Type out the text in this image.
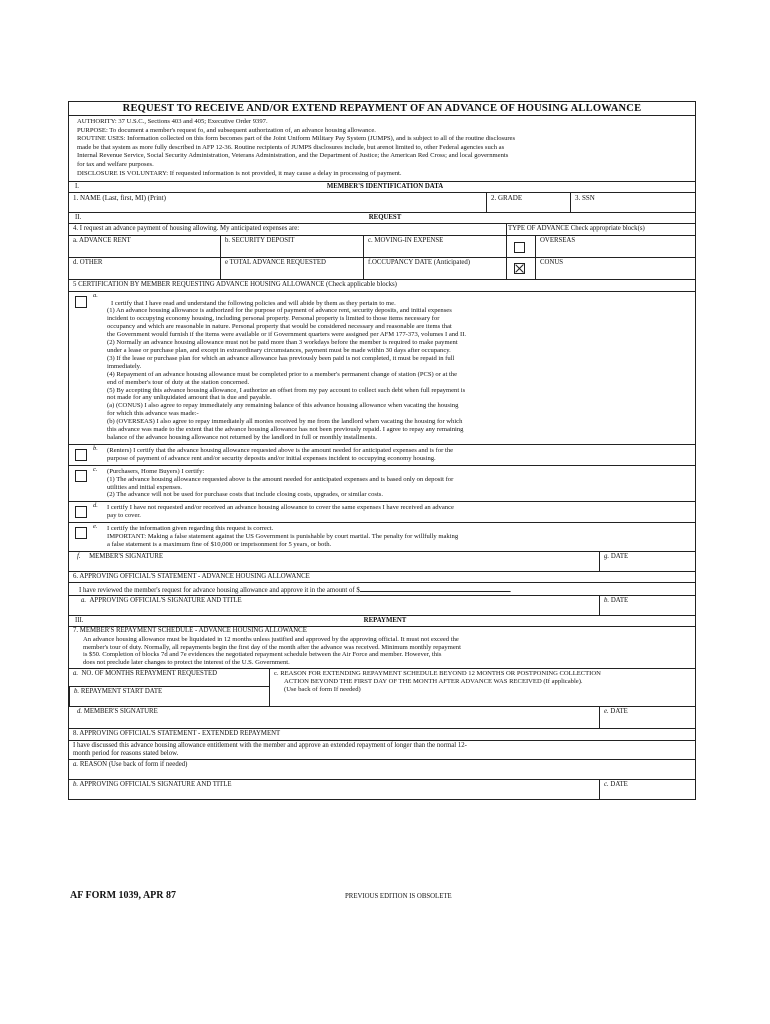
REQUEST TO RECEIVE AND/OR EXTEND REPAYMENT OF AN ADVANCE OF HOUSING ALLOWANCE
AUTHORITY: 37 U.S.C., Sections 403 and 405; Executive Order 9397.
PURPOSE: To document a member's request fo, and subsequent authorization of, an advance housing allowance.
ROUTINE USES: Information collected on this form becomes part of the Joint Uniform Military Pay System (JUMPS), and is subject to all of the routine disclosures
made be that system as more fully described in AFP 12-36. Routine recipients of JUMPS disclosures include, but arenot limited to, other Federal agencies such as
Internal Revenue Service, Social Security Administration, Veterans Administration, and the Department of Justice; the American Red Cross; and local governments
for tax and welfare purposes.
DISCLOSURE IS VOLUNTARY: If requested information is not provided, it may cause a delay in processing of payment.
I.	MEMBER'S IDENTIFICATION DATA
1. NAME (Last, first, MI) (Print)	2. GRADE	3. SSN
II.	REQUEST
4. I request an advance payment of housing allowing. My anticipated expenses are:	TYPE OF ADVANCE Check appropriate block(s)
a. ADVANCE RENT	b. SECURITY DEPOSIT	c. MOVING-IN EXPENSE	OVERSEAS
d. OTHER	e TOTAL ADVANCE REQUESTED	f.OCCUPANCY DATE (Anticipated)	CONUS
5 CERTIFICATION BY MEMBER REQUESTING ADVANCE HOUSING ALLOWANCE (Check applicable blocks)
a.
I certify that I have read and understand the following policies and will abide by them as they pertain to me.
(1) An advance housing allowance is authorized for the purpose of payment of advance rent, security deposits, and initial expenses
incident to occupying economy housing, including personal property. Personal property is limited to those items necessary for
occupancy and which are reasonable in nature. Personal property that would be considered necessary and reasonable are items that
the Government would furnish if the items were available or if Government quarters were assigned per AFM 177-373, volumes I and II.
(2) Normally an advance housing allowance must not be paid more than 3 workdays before the member is required to make payment
under a lease or purchase plan, and except in extraordinary circumstances, payment must be made within 30 days after occupancy.
(3) If the lease or purchase plan for which an advance allowance has previously been paid is not completed, it must be repaid in full
immediately.
(4) Repayment of an advance housing allowance must be completed prior to a member's permanent change of station (PCS) or at the
end of member's tour of duty at the station concerned.
(5) By accepting this advance housing allowance, I authorize an offset from my pay account to collect such debt when full repayment is
not made for any unliquidated amount that is due and payable.
(a) (CONUS) I also agree to repay immediately any remaining balance of this advance housing allowance when vacating the housing
for which this advance was made:-
(b) (OVERSEAS) I also agree to repay immediately all monies received by me from the landlord when vacating the housing for which
this advance was made to the extent that the advance housing allowance has not been previously repaid. I agree to repay any remaining
balance of the advance housing allowance not returned by the landlord in full or monthly installments.
b. (Renters) I certify that the advance housing allowance requested above is the amount needed for anticipated expenses and is for the
purpose of payment of advance rent and/or security deposits and/or initial expenses incident to occupying economy housing.
c. (Purchasers, Home Buyers) I certify:
(1) The advance housing allowance requested above is the amount needed for anticipated expenses and is based only on deposit for
utilities and initial expenses.
(2) The advance will not be used for purchase costs that include closing costs, upgrades, or similar costs.
d. I certify I have not requested and/or received an advance housing allowance to cover the same expenses I have received an advance
pay to cover.
e. I certify the information given regarding this request is correct.
IMPORTANT: Making a false statement against the US Government is punishable by court martial. The penalty for willfully making
a false statement is a maximum fine of $10,000 or imprisonment for 5 years, or both.
f. MEMBER'S SIGNATURE	g. DATE
6. APPROVING OFFICIAL'S STATEMENT - ADVANCE HOUSING ALLOWANCE
I have reviewed the member's request for advance housing allowance and approve it in the amount of $	.
a. APPROVING OFFICIAL'S SIGNATURE AND TITLE	b. DATE
III.	REPAYMENT
7. MEMBER'S REPAYMENT SCHEDULE - ADVANCE HOUSING ALLOWANCE
An advance housing allowance must be liquidated in 12 months unless justified and approved by the approving official. It must not exceed the
member's tour of duty. Normally, all repayments begin the first day of the month after the advance was received. Minimum monthly repayment
is $50. Completion of blocks 7d and 7e evidences the negotiated repayment schedule between the Air Force and member. However, this
does not preclude later changes to protect the interest of the U.S. Government.
a. NO. OF MONTHS REPAYMENT REQUESTED
b. REPAYMENT START DATE
c. REASON FOR EXTENDING REPAYMENT SCHEDULE BEYOND 12 MONTHS OR POSTPONING COLLECTION
ACTION BEYOND THE FIRST DAY OF THE MONTH AFTER ADVANCE WAS RECEIVED (If applicable).
(Use back of form If needed)
d. MEMBER'S SIGNATURE	e. DATE
8. APPROVING OFFICIAL'S STATEMENT - EXTENDED REPAYMENT
I have discussed this advance housing allowance entitlement with the member and approve an extended repayment of longer than the normal 12-
month period for reasons stated below.
a. REASON (Use back of form if needed)
b. APPROVING OFFICIAL'S SIGNATURE AND TITLE	c. DATE
AF FORM 1039, APR 87	PREVIOUS EDITION IS OBSOLETE
